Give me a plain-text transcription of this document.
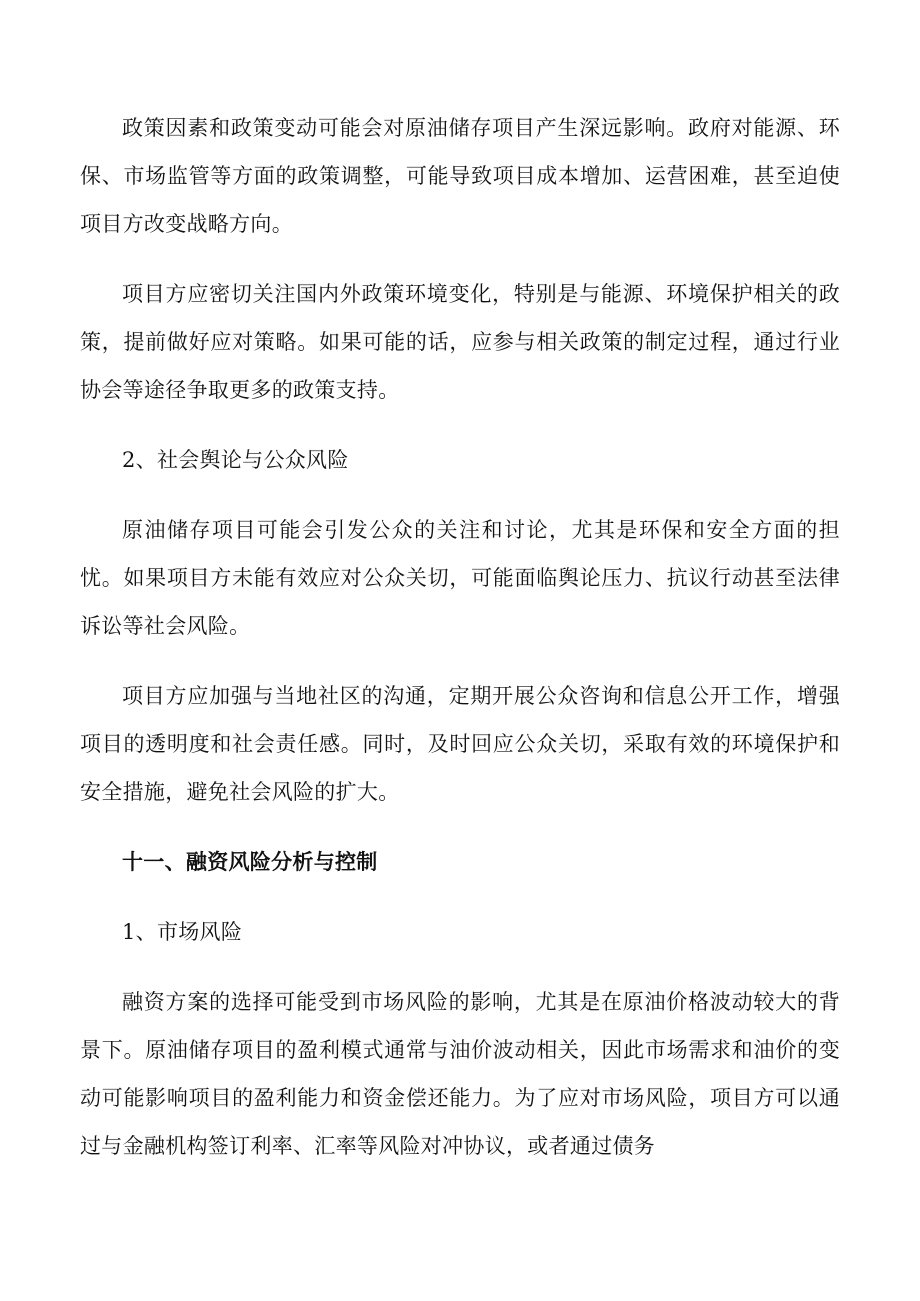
政策因素和政策变动可能会对原油储存项目产生深远影响。政府对能源、环保、市场监管等方面的政策调整，可能导致项目成本增加、运营困难，甚至迫使项目方改变战略方向。

项目方应密切关注国内外政策环境变化，特别是与能源、环境保护相关的政策，提前做好应对策略。如果可能的话，应参与相关政策的制定过程，通过行业协会等途径争取更多的政策支持。

2、社会舆论与公众风险

原油储存项目可能会引发公众的关注和讨论，尤其是环保和安全方面的担忧。如果项目方未能有效应对公众关切，可能面临舆论压力、抗议行动甚至法律诉讼等社会风险。

项目方应加强与当地社区的沟通，定期开展公众咨询和信息公开工作，增强项目的透明度和社会责任感。同时，及时回应公众关切，采取有效的环境保护和安全措施，避免社会风险的扩大。

十一、融资风险分析与控制

1、市场风险

融资方案的选择可能受到市场风险的影响，尤其是在原油价格波动较大的背景下。原油储存项目的盈利模式通常与油价波动相关，因此市场需求和油价的变动可能影响项目的盈利能力和资金偿还能力。为了应对市场风险，项目方可以通过与金融机构签订利率、汇率等风险对冲协议，或者通过债务
